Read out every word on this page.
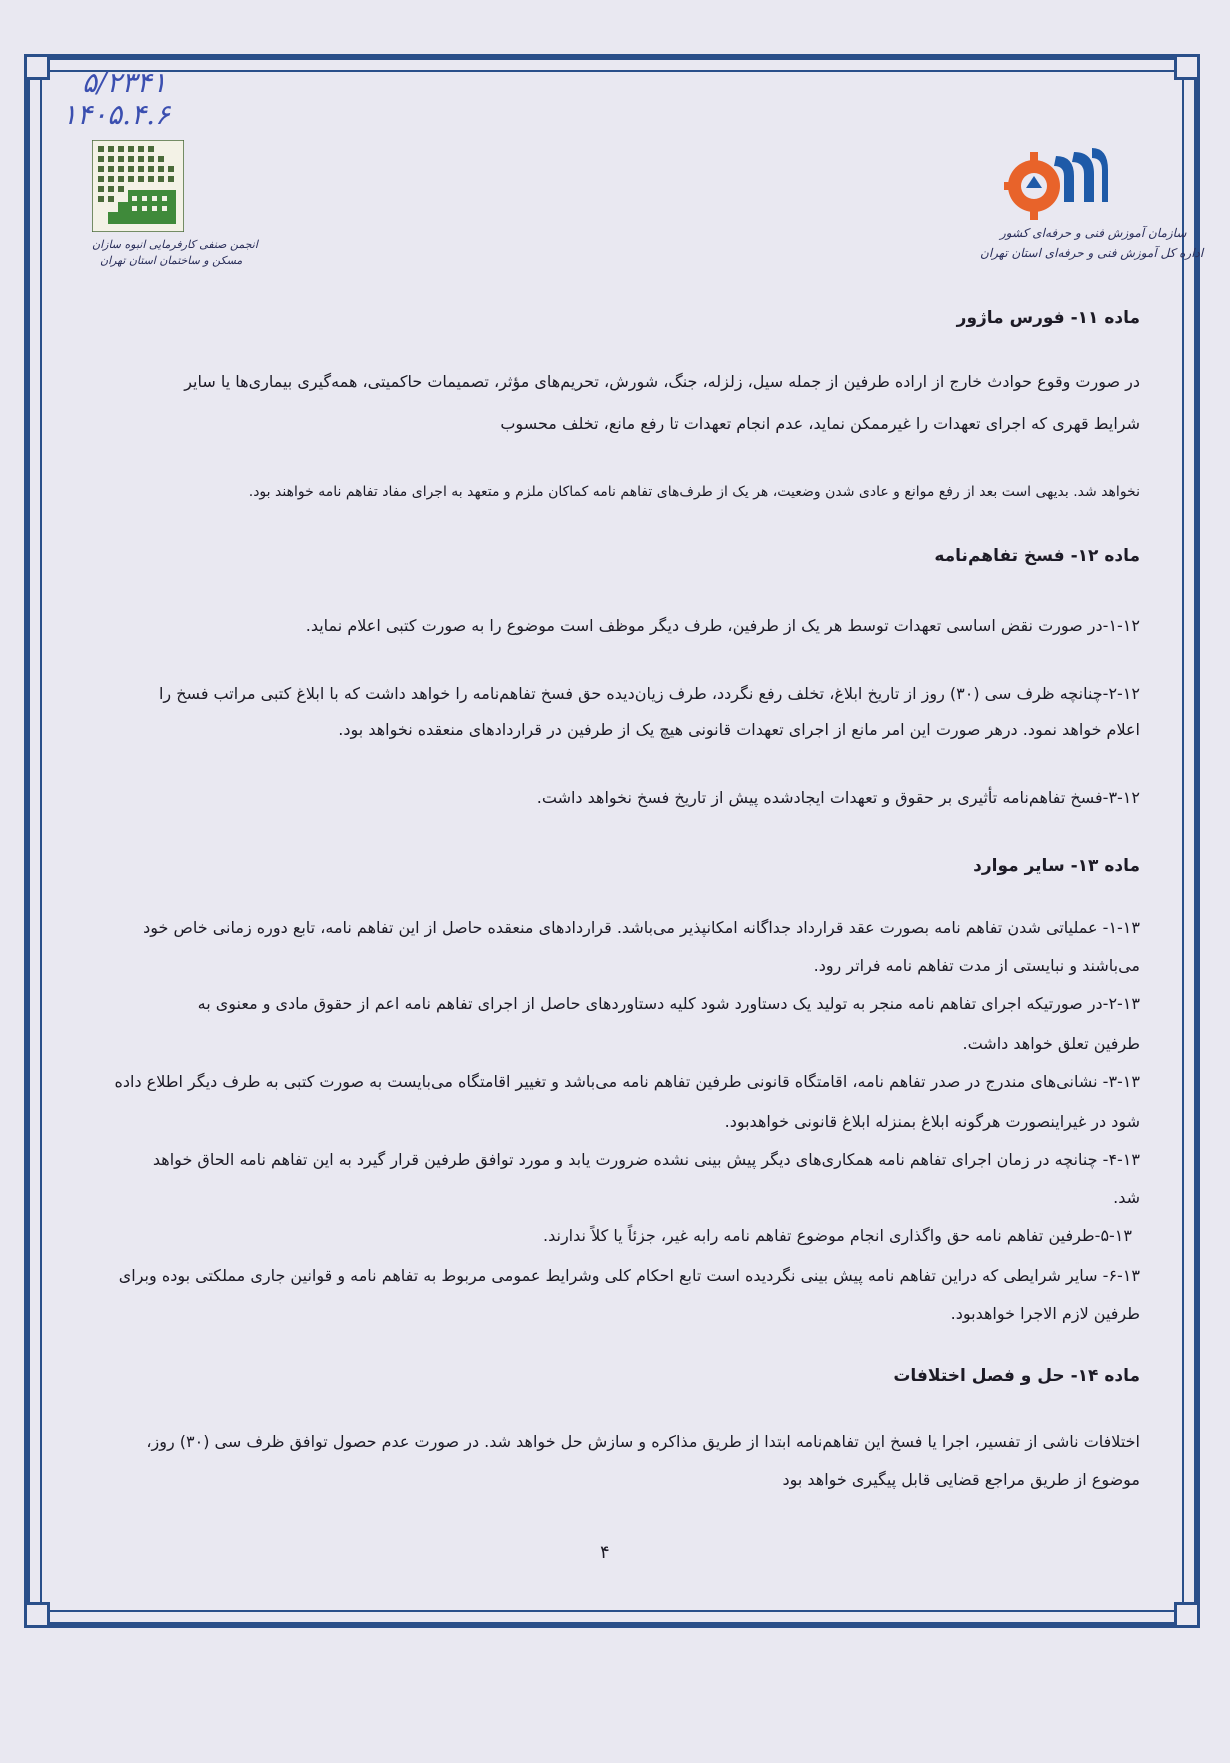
۵/۲۳۴۱
۱۴۰۵.۴.۶
انجمن صنفی کارفرمایی انبوه سازان
مسکن و ساختمان استان تهران
سازمان آموزش فنی و حرفه‌ای کشور
اداره کل آموزش فنی و حرفه‌ای استان تهران
ماده ۱۱- فورس ماژور
در صورت وقوع حوادث خارج از اراده طرفین از جمله سیل، زلزله، جنگ، شورش، تحریم‌های مؤثر، تصمیمات حاکمیتی، همه‌گیری بیماری‌ها یا سایر
شرایط قهری که اجرای تعهدات را غیرممکن نماید، عدم انجام تعهدات تا رفع مانع، تخلف محسوب
نخواهد شد. بدیهی است بعد از رفع موانع و عادی شدن وضعیت، هر یک از طرف‌های تفاهم نامه کماکان ملزم و متعهد به اجرای مفاد تفاهم نامه خواهند بود.
ماده ۱۲- فسخ تفاهم‌نامه
۱-۱۲-در صورت نقض اساسی تعهدات توسط هر یک از طرفین، طرف دیگر موظف است موضوع را به صورت کتبی اعلام نماید.
۲-۱۲-چنانچه ظرف سی (۳۰) روز از تاریخ ابلاغ، تخلف رفع نگردد، طرف زیان‌دیده حق فسخ تفاهم‌نامه را خواهد داشت که با ابلاغ کتبی مراتب فسخ را
اعلام خواهد نمود. درهر صورت این امر مانع از اجرای تعهدات قانونی هیچ یک از طرفین در قراردادهای منعقده نخواهد بود.
۳-۱۲-فسخ تفاهم‌نامه تأثیری بر حقوق و تعهدات ایجادشده پیش از تاریخ فسخ نخواهد داشت.
ماده ۱۳- سایر موارد
۱-۱۳- عملیاتی شدن تفاهم نامه بصورت عقد قرارداد جداگانه امکانپذیر می‌باشد. قراردادهای منعقده حاصل از این تفاهم نامه، تابع دوره زمانی خاص خود
می‌باشند و نبایستی از مدت تفاهم نامه فراتر رود.
۲-۱۳-در صورتیکه اجرای تفاهم نامه منجر به تولید یک دستاورد شود کلیه دستاوردهای حاصل از اجرای تفاهم نامه اعم از حقوق مادی و معنوی به
طرفین تعلق خواهد داشت.
۳-۱۳- نشانی‌های مندرج در صدر تفاهم نامه، اقامتگاه قانونی طرفین تفاهم نامه می‌باشد و تغییر اقامتگاه می‌بایست به صورت کتبی به طرف دیگر اطلاع داده
شود در غیراینصورت هرگونه ابلاغ بمنزله ابلاغ قانونی خواهدبود.
۴-۱۳- چنانچه در زمان اجرای تفاهم نامه همکاری‌های دیگر پیش بینی نشده ضرورت یابد و مورد توافق طرفین قرار گیرد به این تفاهم نامه الحاق خواهد
شد.
۵-۱۳-طرفین تفاهم نامه حق واگذاری انجام موضوع تفاهم نامه رابه غیر، جزئاً یا کلاً ندارند.
۶-۱۳- سایر شرایطی که دراین تفاهم نامه پیش بینی نگردیده است تابع احکام کلی وشرایط عمومی مربوط به تفاهم نامه و قوانین جاری مملکتی بوده وبرای
طرفین لازم الاجرا خواهدبود.
ماده ۱۴- حل و فصل اختلافات
اختلافات ناشی از تفسیر، اجرا یا فسخ این تفاهم‌نامه ابتدا از طریق مذاکره و سازش حل خواهد شد. در صورت عدم حصول توافق ظرف سی (۳۰) روز،
موضوع از طریق مراجع قضایی قابل پیگیری خواهد بود
۴
